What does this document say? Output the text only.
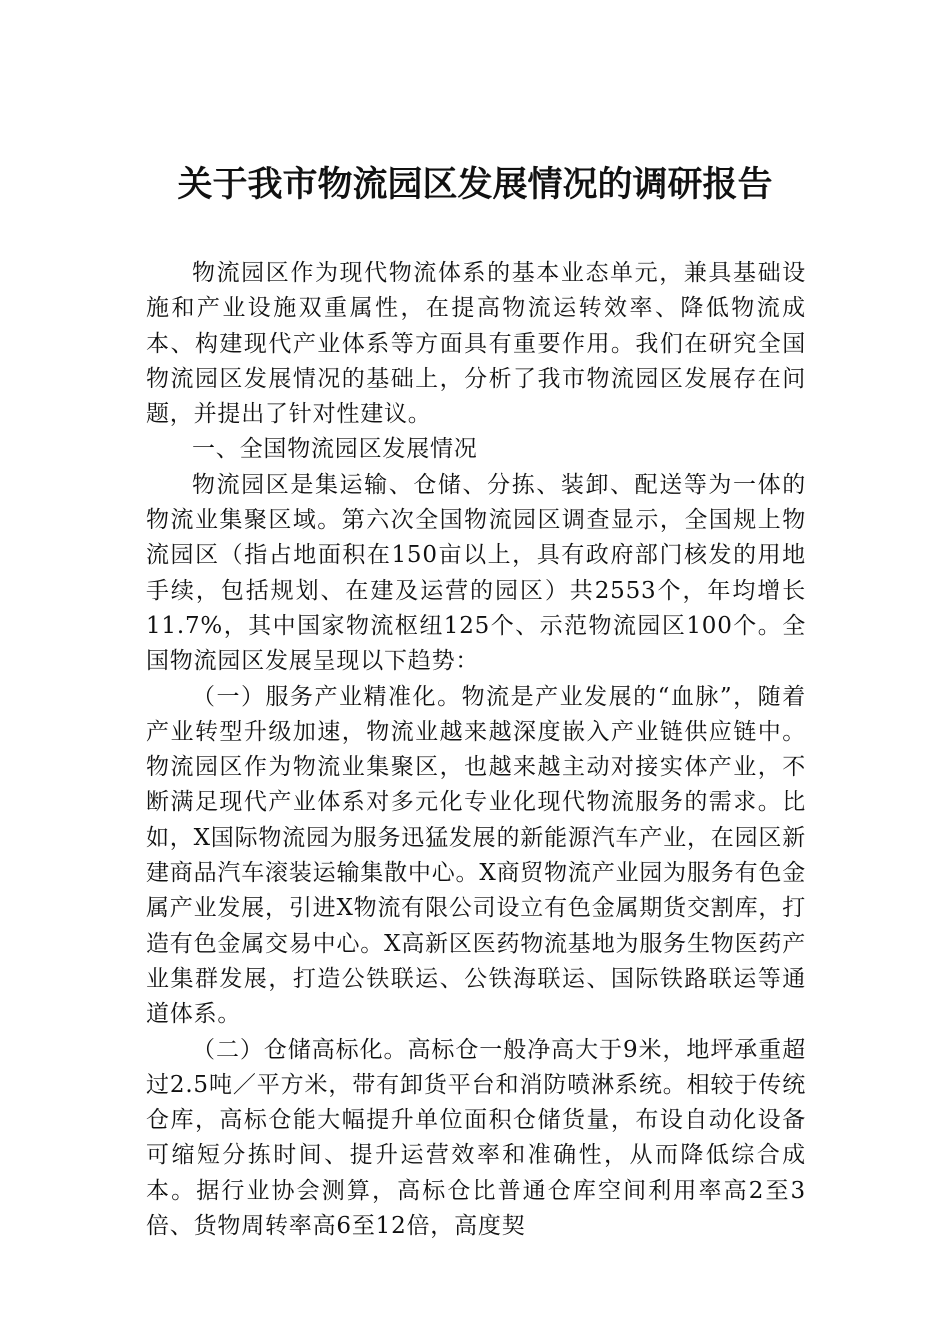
关于我市物流园区发展情况的调研报告

物流园区作为现代物流体系的基本业态单元，兼具基础设施和产业设施双重属性，在提高物流运转效率、降低物流成本、构建现代产业体系等方面具有重要作用。我们在研究全国物流园区发展情况的基础上，分析了我市物流园区发展存在问题，并提出了针对性建议。

一、全国物流园区发展情况

物流园区是集运输、仓储、分拣、装卸、配送等为一体的物流业集聚区域。第六次全国物流园区调查显示，全国规上物流园区（指占地面积在150亩以上，具有政府部门核发的用地手续，包括规划、在建及运营的园区）共2553个，年均增长11.7%，其中国家物流枢纽125个、示范物流园区100个。全国物流园区发展呈现以下趋势：

（一）服务产业精准化。物流是产业发展的“血脉”，随着产业转型升级加速，物流业越来越深度嵌入产业链供应链中。物流园区作为物流业集聚区，也越来越主动对接实体产业，不断满足现代产业体系对多元化专业化现代物流服务的需求。比如，X国际物流园为服务迅猛发展的新能源汽车产业，在园区新建商品汽车滚装运输集散中心。X商贸物流产业园为服务有色金属产业发展，引进X物流有限公司设立有色金属期货交割库，打造有色金属交易中心。X高新区医药物流基地为服务生物医药产业集群发展，打造公铁联运、公铁海联运、国际铁路联运等通道体系。

（二）仓储高标化。高标仓一般净高大于9米，地坪承重超过2.5吨／平方米，带有卸货平台和消防喷淋系统。相较于传统仓库，高标仓能大幅提升单位面积仓储货量，布设自动化设备可缩短分拣时间、提升运营效率和准确性，从而降低综合成本。据行业协会测算，高标仓比普通仓库空间利用率高2至3倍、货物周转率高6至12倍，高度契
